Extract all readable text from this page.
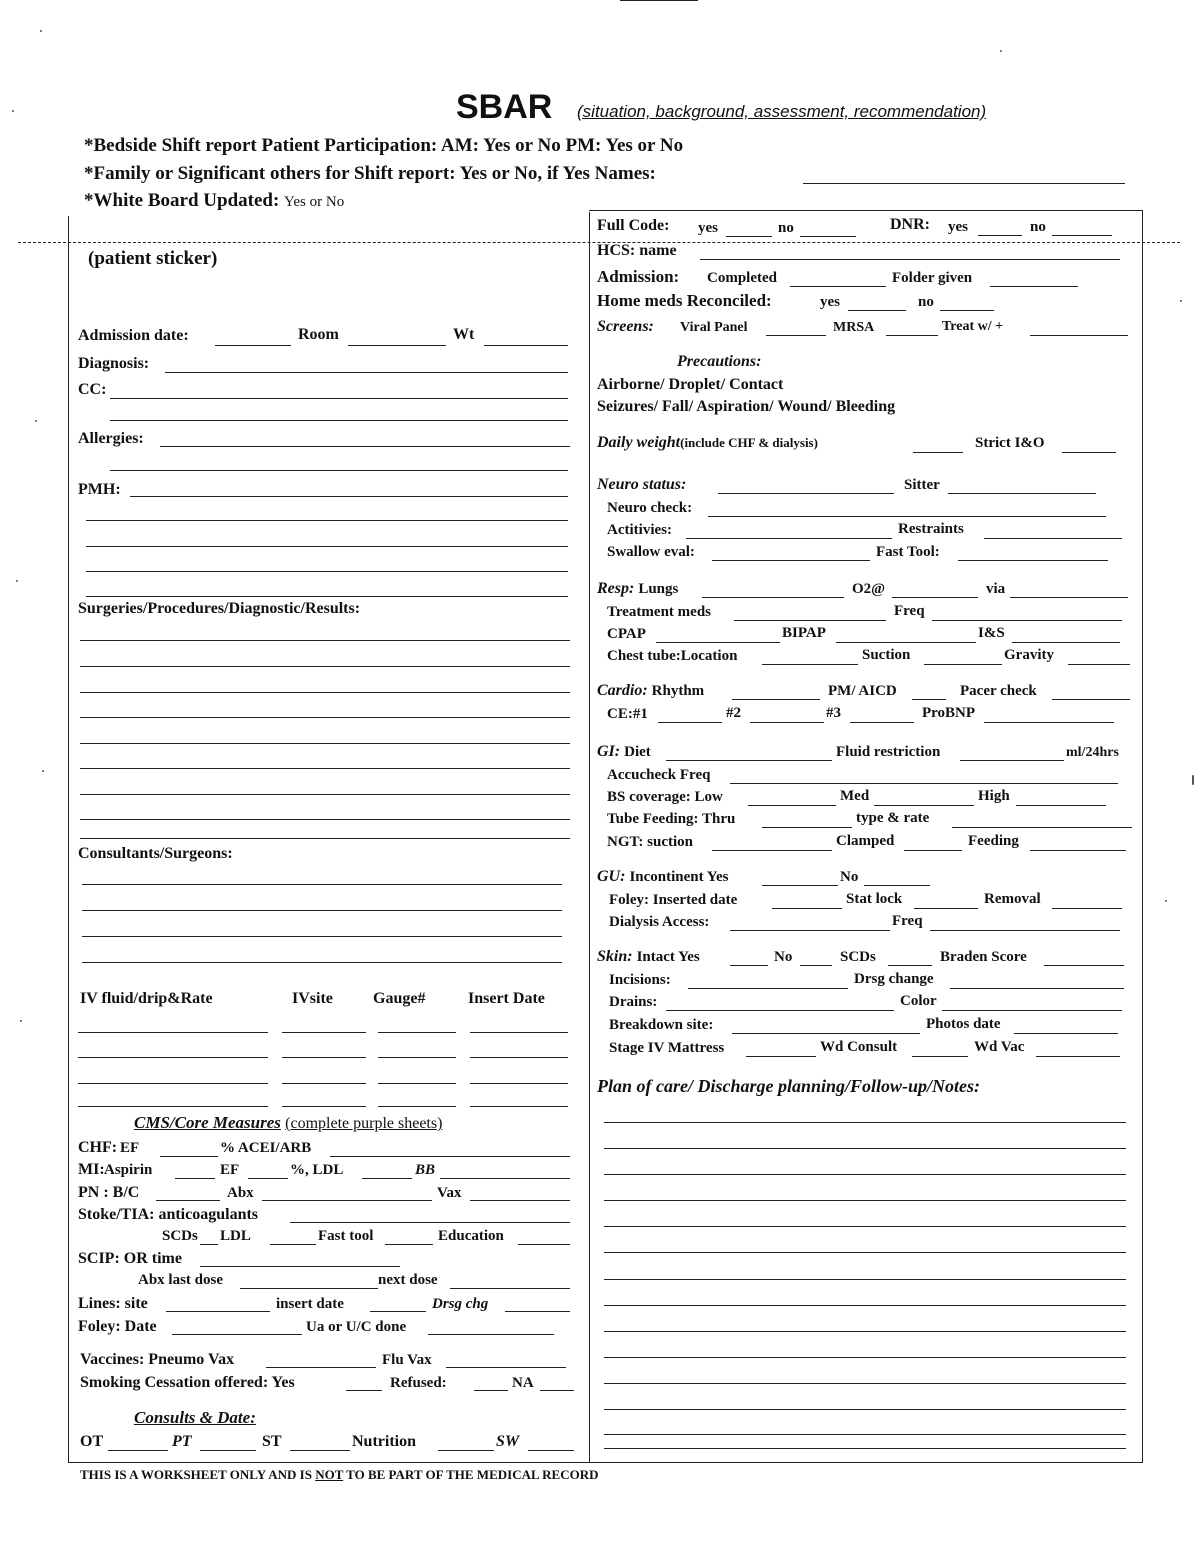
SBAR (situation, background, assessment, recommendation)
*Bedside Shift report Patient Participation: AM: Yes or No PM: Yes or No
*Family or Significant others for Shift report: Yes or No, if Yes Names:
*White Board Updated: Yes or No
(patient sticker)
Admission date:	Room	Wt
Diagnosis:
CC:
Allergies:
PMH:
Surgeries/Procedures/Diagnostic/Results:
Consultants/Surgeons:
IV fluid/drip&Rate	IVsite	Gauge#	Insert Date
CMS/Core Measures (complete purple sheets)
CHF: EF	% ACEI/ARB
MI: Aspirin	EF	%, LDL	BB
PN : B/C	Abx	Vax
Stoke/TIA: anticoagulants
SCDs LDL	Fast tool	Education
SCIP: OR time
Abx last dose	next dose
Lines: site	insert date	Drsg chg
Foley: Date	Ua or U/C done
Vaccines: Pneumo Vax	Flu Vax
Smoking Cessation offered: Yes	Refused:	NA
Consults & Date:
OT	PT	ST	Nutrition	SW
Full Code: yes	no	DNR: yes	no
HCS: name
Admission: Completed	Folder given
Home meds Reconciled:	yes	no
Screens: Viral Panel	MRSA	Treat w/ +
Precautions:
Airborne/ Droplet/ Contact
Seizures/ Fall/ Aspiration/ Wound/ Bleeding
Daily weight(include CHF & dialysis)	Strict I&O
Neuro status:	Sitter
Neuro check:
Actitivies:	Restraints
Swallow eval:	Fast Tool:
Resp: Lungs	O2@	via
Treatment meds	Freq
CPAP	BIPAP	I&S
Chest tube:Location	Suction	Gravity
Cardio: Rhythm	PM/ AICD	Pacer check
CE:#1	#2	#3	ProBNP
GI: Diet	Fluid restriction	ml/24hrs
Accucheck Freq
BS coverage: Low	Med	High
Tube Feeding: Thru	type & rate
NGT: suction	Clamped	Feeding
GU: Incontinent Yes	No
Foley: Inserted date	Stat lock	Removal
Dialysis Access:	Freq
Skin: Intact Yes	No	SCDs	Braden Score
Incisions:	Drsg change
Drains:	Color
Breakdown site:	Photos date
Stage IV Mattress	Wd Consult	Wd Vac
Plan of care/ Discharge planning/Follow-up/Notes:
THIS IS A WORKSHEET ONLY AND IS NOT TO BE PART OF THE MEDICAL RECORD
